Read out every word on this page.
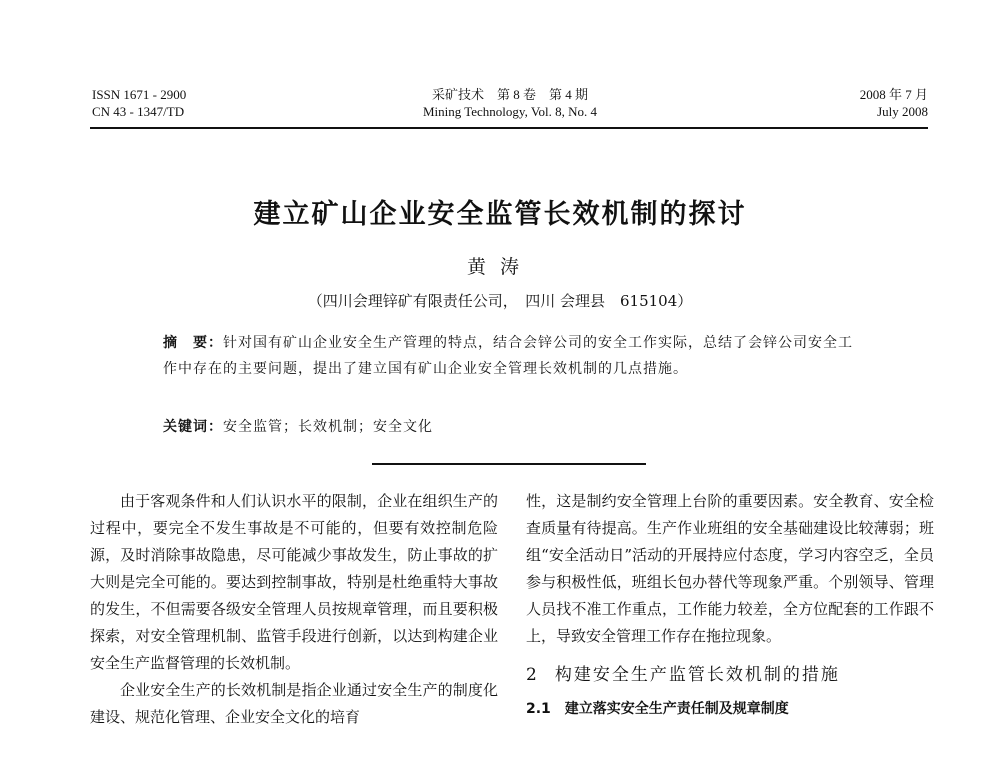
ISSN 1671 - 2900
CN 43 - 1347/TD
采矿技术　第 8 卷　第 4 期
Mining Technology, Vol. 8, No. 4
2008 年 7 月
July 2008
建立矿山企业安全监管长效机制的探讨
黄涛
（四川会理锌矿有限责任公司，　四川 会理县　615104）
摘　要：针对国有矿山企业安全生产管理的特点，结合会锌公司的安全工作实际，总结了会锌公司安全工作中存在的主要问题，提出了建立国有矿山企业安全管理长效机制的几点措施。
关键词：安全监管；长效机制；安全文化

由于客观条件和人们认识水平的限制，企业在组织生产的过程中，要完全不发生事故是不可能的，但要有效控制危险源，及时消除事故隐患，尽可能减少事故发生，防止事故的扩大则是完全可能的。要达到控制事故，特别是杜绝重特大事故的发生，不但需要各级安全管理人员按规章管理，而且要积极探索，对安全管理机制、监管手段进行创新，以达到构建企业安全生产监督管理的长效机制。

企业安全生产的长效机制是指企业通过安全生产的制度化建设、规范化管理、企业安全文化的培育

性，这是制约安全管理上台阶的重要因素。安全教育、安全检查质量有待提高。生产作业班组的安全基础建设比较薄弱；班组“安全活动日”活动的开展持应付态度，学习内容空乏，全员参与积极性低，班组长包办替代等现象严重。个别领导、管理人员找不准工作重点，工作能力较差，全方位配套的工作跟不上，导致安全管理工作存在拖拉现象。

2 构建安全生产监管长效机制的措施
2.1　建立落实安全生产责任制及规章制度
